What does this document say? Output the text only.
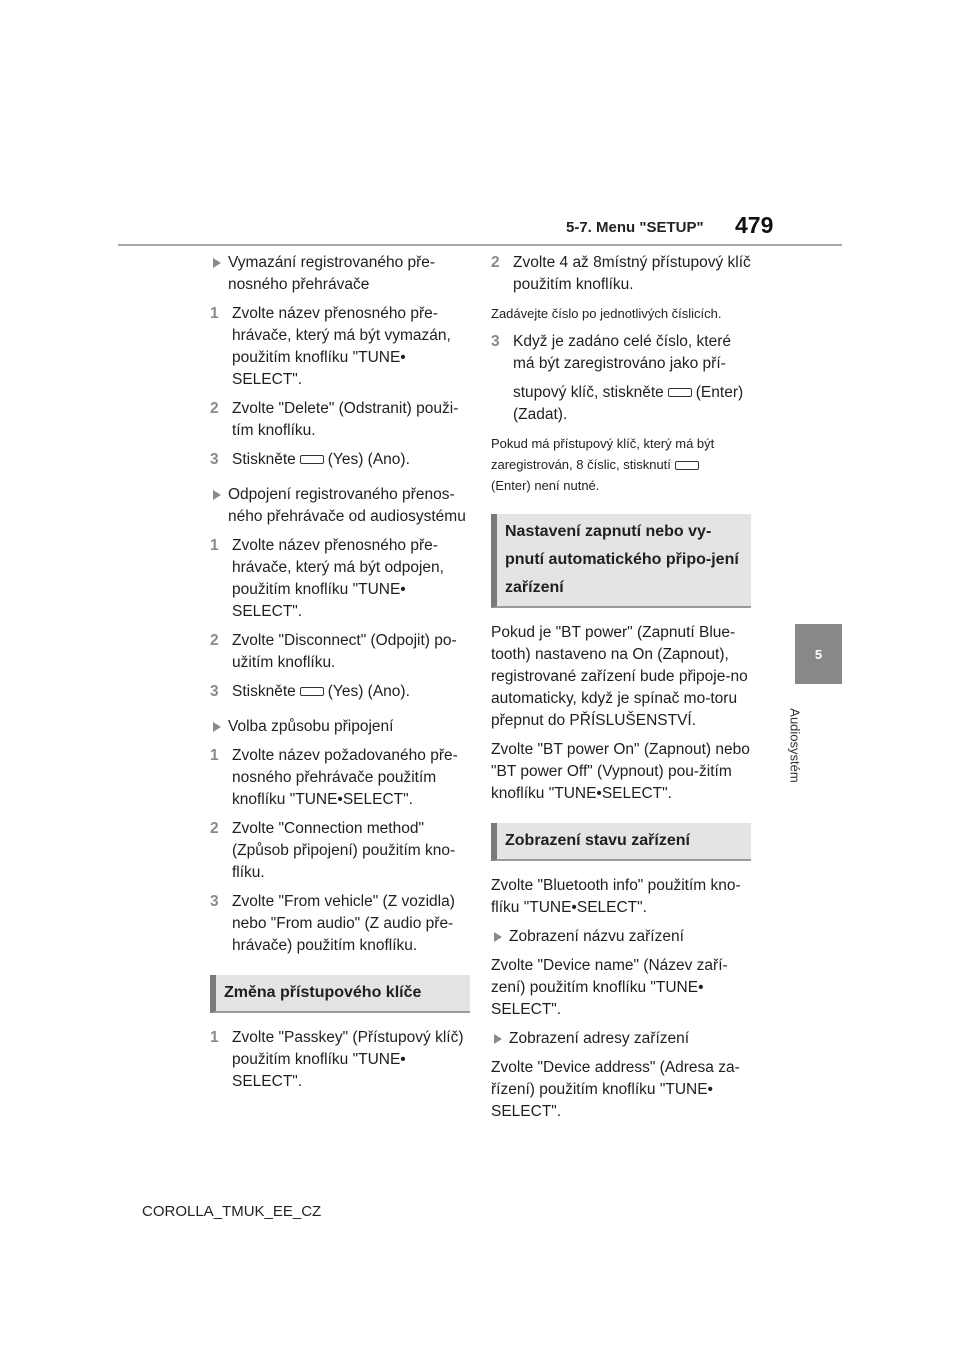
5-7. Menu "SETUP" 479
5
Audiosystém
Vymazání registrovaného pře-nosného přehrávače
1 Zvolte název přenosného pře-hrávače, který má být vymazán, použitím knoflíku "TUNE• SELECT".
2 Zvolte "Delete" (Odstranit) použi-tím knoflíku.
3 Stiskněte (Yes) (Ano).
Odpojení registrovaného přenos-ného přehrávače od audiosystému
1 Zvolte název přenosného pře-hrávače, který má být odpojen, použitím knoflíku "TUNE• SELECT".
2 Zvolte "Disconnect" (Odpojit) po-užitím knoflíku.
3 Stiskněte (Yes) (Ano).
Volba způsobu připojení
1 Zvolte název požadovaného pře-nosného přehrávače použitím knoflíku "TUNE•SELECT".
2 Zvolte "Connection method" (Způsob připojení) použitím kno-flíku.
3 Zvolte "From vehicle" (Z vozidla) nebo "From audio" (Z audio pře-hrávače) použitím knoflíku.
Změna přístupového klíče
1 Zvolte "Passkey" (Přístupový klíč) použitím knoflíku "TUNE• SELECT".
2 Zvolte 4 až 8místný přístupový klíč použitím knoflíku.
Zadávejte číslo po jednotlivých číslicích.
3 Když je zadáno celé číslo, které má být zaregistrováno jako pří-
stupový klíč, stiskněte (Enter) (Zadat).
Pokud má přístupový klíč, který má být zaregistrován, 8 číslic, stisknutí
(Enter) není nutné.
Nastavení zapnutí nebo vy-pnutí automatického připo-jení zařízení
Pokud je "BT power" (Zapnutí Blue-tooth) nastaveno na On (Zapnout), registrované zařízení bude připoje-no automaticky, když je spínač mo-toru přepnut do PŘÍSLUŠENSTVÍ.
Zvolte "BT power On" (Zapnout) nebo "BT power Off" (Vypnout) pou-žitím knoflíku "TUNE•SELECT".
Zobrazení stavu zařízení
Zvolte "Bluetooth info" použitím kno-flíku "TUNE•SELECT".
Zobrazení názvu zařízení
Zvolte "Device name" (Název zaří-zení) použitím knoflíku "TUNE• SELECT".
Zobrazení adresy zařízení
Zvolte "Device address" (Adresa za-řízení) použitím knoflíku "TUNE• SELECT".
COROLLA_TMUK_EE_CZ
